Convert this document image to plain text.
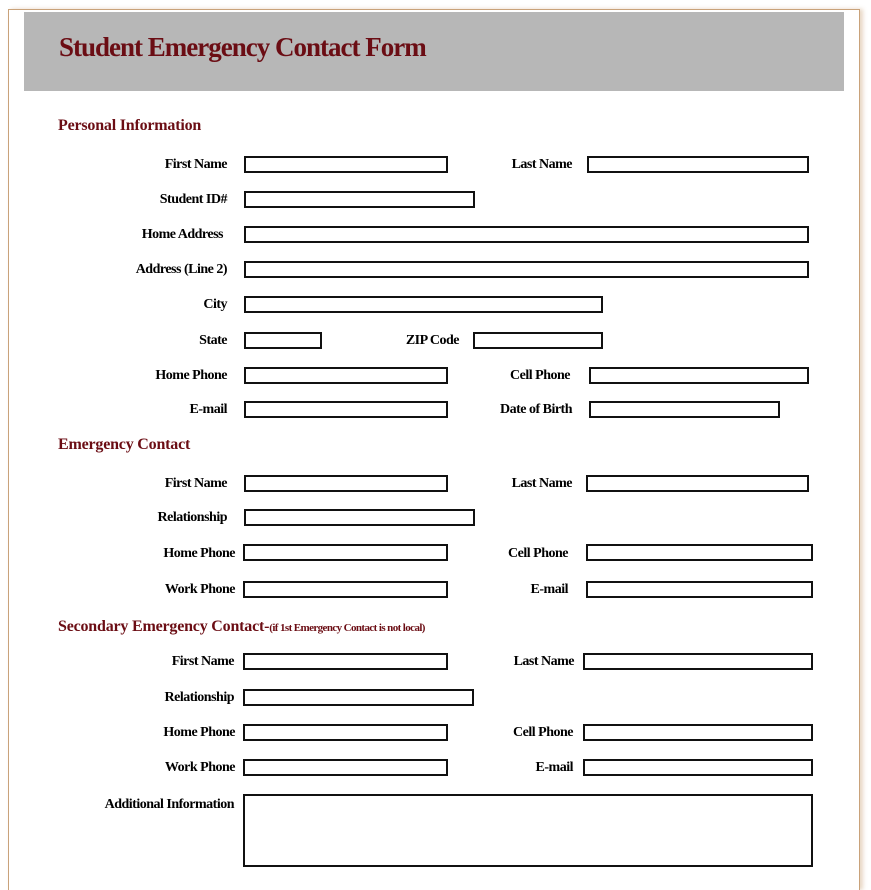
Student Emergency Contact Form
Personal Information
First Name	Last Name
Student ID#
Home Address
Address (Line 2)
City
State	ZIP Code
Home Phone	Cell Phone
E-mail	Date of Birth
Emergency Contact
First Name	Last Name
Relationship
Home Phone	Cell Phone
Work Phone	E-mail
Secondary Emergency Contact-(if 1st Emergency Contact is not local)
First Name	Last Name
Relationship
Home Phone	Cell Phone
Work Phone	E-mail
Additional Information
